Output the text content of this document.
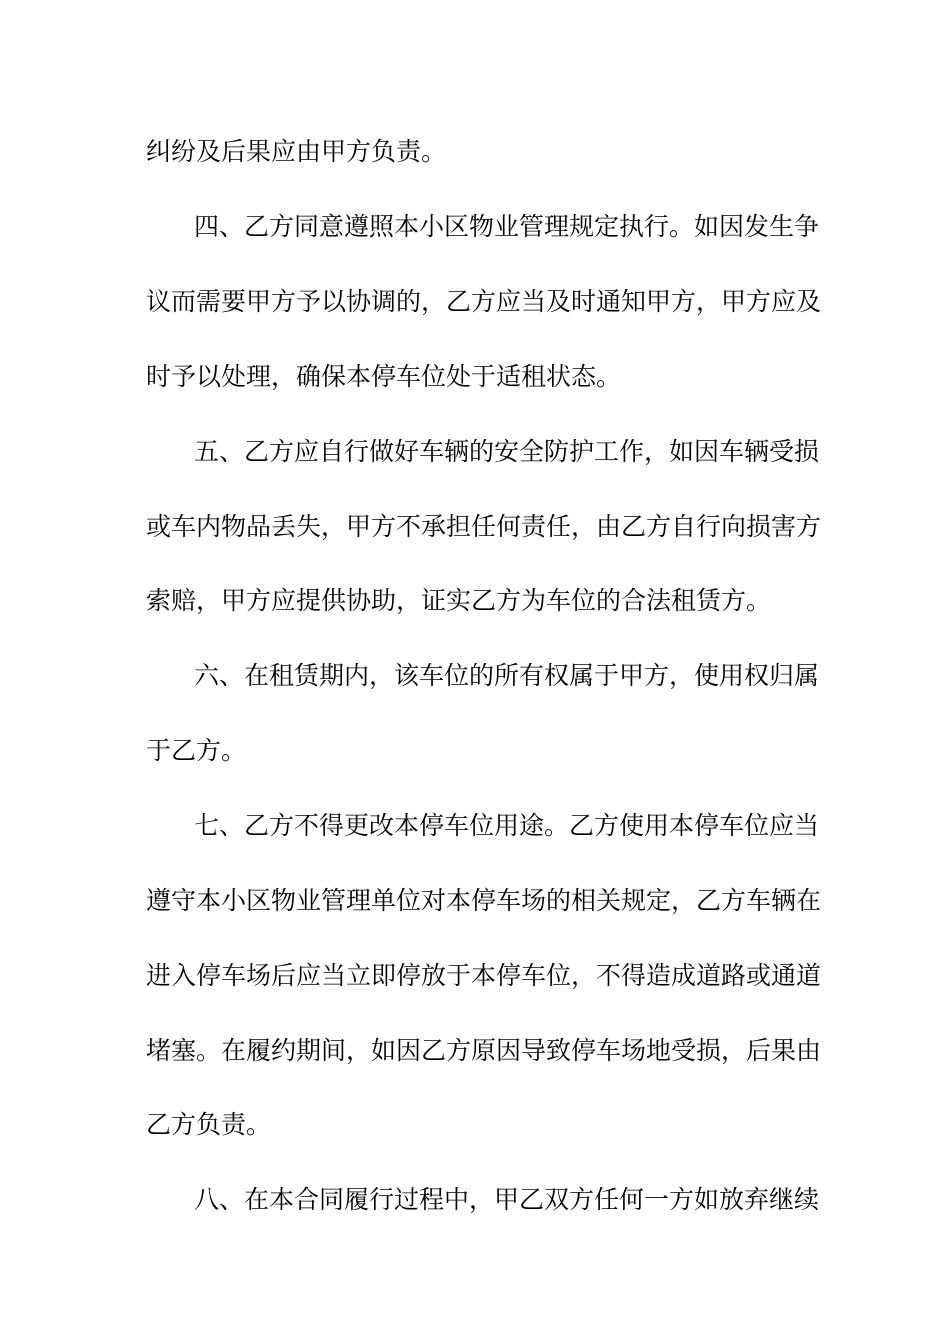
纠纷及后果应由甲方负责。
四、乙方同意遵照本小区物业管理规定执行。如因发生争
议而需要甲方予以协调的，乙方应当及时通知甲方，甲方应及
时予以处理，确保本停车位处于适租状态。
五、乙方应自行做好车辆的安全防护工作，如因车辆受损
或车内物品丢失，甲方不承担任何责任，由乙方自行向损害方
索赔，甲方应提供协助，证实乙方为车位的合法租赁方。
六、在租赁期内，该车位的所有权属于甲方，使用权归属
于乙方。
七、乙方不得更改本停车位用途。乙方使用本停车位应当
遵守本小区物业管理单位对本停车场的相关规定，乙方车辆在
进入停车场后应当立即停放于本停车位，不得造成道路或通道
堵塞。在履约期间，如因乙方原因导致停车场地受损，后果由
乙方负责。
八、在本合同履行过程中，甲乙双方任何一方如放弃继续
